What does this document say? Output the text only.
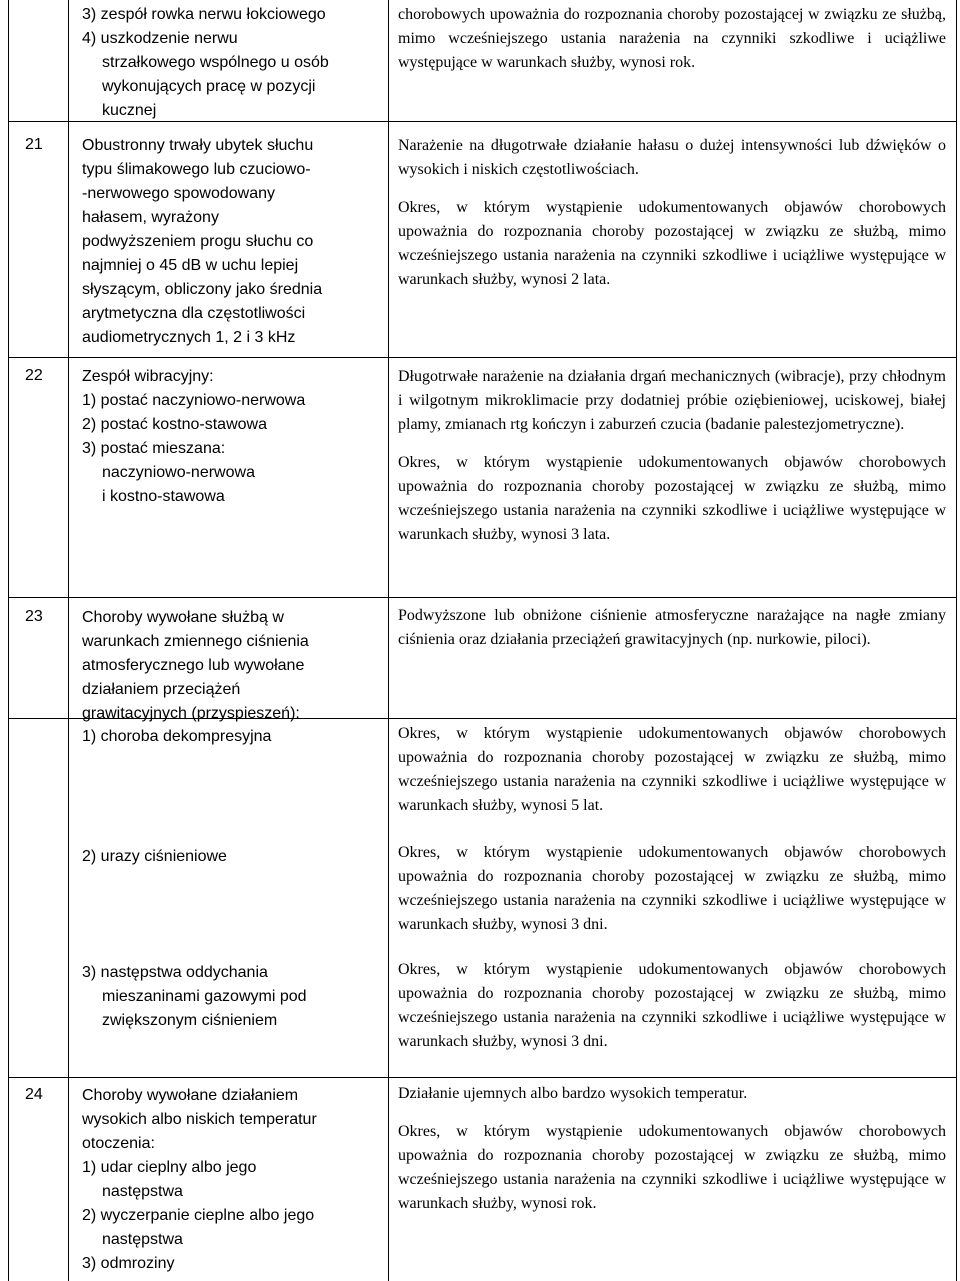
3) zespół rowka nerwu łokciowego
4) uszkodzenie nerwu
strzałkowego wspólnego u osób
wykonujących pracę w pozycji
kucznej

chorobowych upoważnia do rozpoznania choroby pozostającej w związku ze służbą, mimo wcześniejszego ustania narażenia na czynniki szkodliwe i uciążliwe występujące w warunkach służby, wynosi rok.

21 Obustronny trwały ubytek słuchu
typu ślimakowego lub czuciowo-
-nerwowego spowodowany
hałasem, wyrażony
podwyższeniem progu słuchu co
najmniej o 45 dB w uchu lepiej
słyszącym, obliczony jako średnia
arytmetyczna dla częstotliwości
audiometrycznych 1, 2 i 3 kHz

Narażenie na długotrwałe działanie hałasu o dużej intensywności lub dźwięków o wysokich i niskich częstotliwościach.

Okres, w którym wystąpienie udokumentowanych objawów chorobowych upoważnia do rozpoznania choroby pozostającej w związku ze służbą, mimo wcześniejszego ustania narażenia na czynniki szkodliwe i uciążliwe występujące w warunkach służby, wynosi 2 lata.

22 Zespół wibracyjny:
1) postać naczyniowo-nerwowa
2) postać kostno-stawowa
3) postać mieszana:
naczyniowo-nerwowa
i kostno-stawowa

Długotrwałe narażenie na działania drgań mechanicznych (wibracje), przy chłodnym i wilgotnym mikroklimacie przy dodatniej próbie oziębieniowej, uciskowej, białej plamy, zmianach rtg kończyn i zaburzeń czucia (badanie palestezjometryczne).

Okres, w którym wystąpienie udokumentowanych objawów chorobowych upoważnia do rozpoznania choroby pozostającej w związku ze służbą, mimo wcześniejszego ustania narażenia na czynniki szkodliwe i uciążliwe występujące w warunkach służby, wynosi 3 lata.

23 Choroby wywołane służbą w
warunkach zmiennego ciśnienia
atmosferycznego lub wywołane
działaniem przeciążeń
grawitacyjnych (przyspieszeń):

Podwyższone lub obniżone ciśnienie atmosferyczne narażające na nagłe zmiany ciśnienia oraz działania przeciążeń grawitacyjnych (np. nurkowie, piloci).

1) choroba dekompresyjna	Okres, w którym wystąpienie udokumentowanych objawów chorobowych upoważnia do rozpoznania choroby pozostającej w związku ze służbą, mimo wcześniejszego ustania narażenia na czynniki szkodliwe i uciążliwe występujące w warunkach służby, wynosi 5 lat.

2) urazy ciśnieniowe	Okres, w którym wystąpienie udokumentowanych objawów chorobowych upoważnia do rozpoznania choroby pozostającej w związku ze służbą, mimo wcześniejszego ustania narażenia na czynniki szkodliwe i uciążliwe występujące w warunkach służby, wynosi 3 dni.

3) następstwa oddychania
mieszaninami gazowymi pod
zwiększonym ciśnieniem

Okres, w którym wystąpienie udokumentowanych objawów chorobowych upoważnia do rozpoznania choroby pozostającej w związku ze służbą, mimo wcześniejszego ustania narażenia na czynniki szkodliwe i uciążliwe występujące w warunkach służby, wynosi 3 dni.

24 Choroby wywołane działaniem
wysokich albo niskich temperatur
otoczenia:
1) udar cieplny albo jego
następstwa
2) wyczerpanie cieplne albo jego
następstwa
3) odmroziny

Działanie ujemnych albo bardzo wysokich temperatur.

Okres, w którym wystąpienie udokumentowanych objawów chorobowych upoważnia do rozpoznania choroby pozostającej w związku ze służbą, mimo wcześniejszego ustania narażenia na czynniki szkodliwe i uciążliwe występujące w warunkach służby, wynosi rok.
